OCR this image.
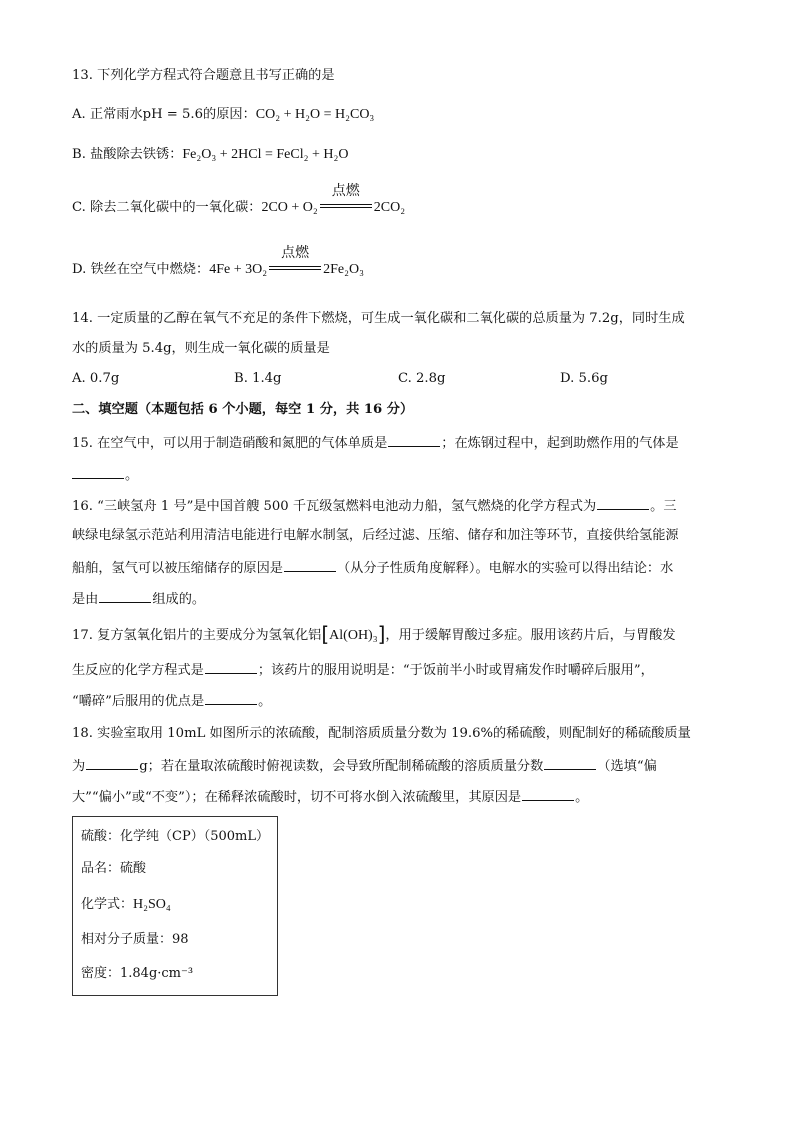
13. 下列化学方程式符合题意且书写正确的是
A. 正常雨水pH = 5.6的原因：CO₂ + H₂O = H₂CO₃
B. 盐酸除去铁锈：Fe₂O₃ + 2HCl = FeCl₂ + H₂O
C. 除去二氧化碳中的一氧化碳：2CO + O₂
点燃
2CO₂
D. 铁丝在空气中燃烧：4Fe + 3O₂
点燃
2Fe₂O₃
14. 一定质量的乙醇在氧气不充足的条件下燃烧，可生成一氧化碳和二氧化碳的总质量为 7.2g，同时生成
水的质量为 5.4g，则生成一氧化碳的质量是
A. 0.7g	B. 1.4g	C. 2.8g	D. 5.6g
二、填空题（本题包括 6 个小题，每空 1 分，共 16 分）
15. 在空气中，可以用于制造硝酸和氮肥的气体单质是	；在炼钢过程中，起到助燃作用的气体是
。
16. “三峡氢舟 1 号”是中国首艘 500 千瓦级氢燃料电池动力船，氢气燃烧的化学方程式为	。三
峡绿电绿氢示范站利用清洁电能进行电解水制氢，后经过滤、压缩、储存和加注等环节，直接供给氢能源
船舶，氢气可以被压缩储存的原因是	（从分子性质角度解释）。电解水的实验可以得出结论：水
是由	组成的。
17. 复方氢氧化铝片的主要成分为氢氧化铝[Al(OH)₃]，用于缓解胃酸过多症。服用该药片后，与胃酸发
生反应的化学方程式是	；该药片的服用说明是：“于饭前半小时或胃痛发作时嚼碎后服用”，
“嚼碎”后服用的优点是	。
18. 实验室取用 10mL 如图所示的浓硫酸，配制溶质质量分数为 19.6%的稀硫酸，则配制好的稀硫酸质量
为	g；若在量取浓硫酸时俯视读数，会导致所配制稀硫酸的溶质质量分数	（选填“偏
大”“偏小”或“不变”）；在稀释浓硫酸时，切不可将水倒入浓硫酸里，其原因是	。
硫酸：化学纯（CP）（500mL）
品名：硫酸
化学式：H₂SO₄
相对分子质量：98
密度：1.84g·cm⁻³
